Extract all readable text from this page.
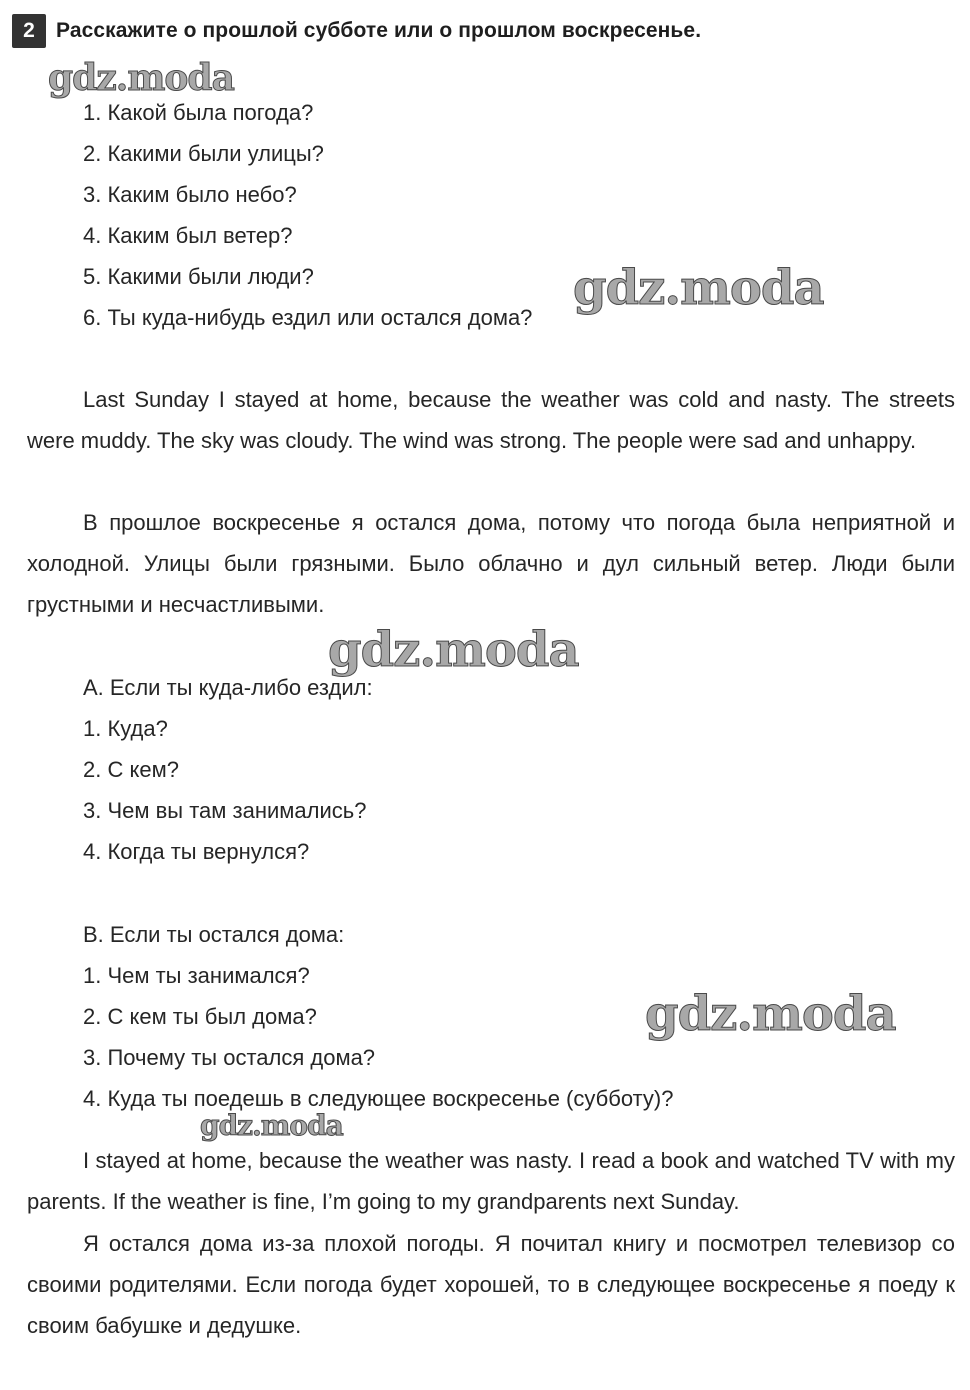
2	Расскажите о прошлой субботе или о прошлом воскресенье.
1. Какой была погода?
2. Какими были улицы?
3. Каким было небо?
4. Каким был ветер?
5. Какими были люди?
6. Ты куда-нибудь ездил или остался дома?

Last Sunday I stayed at home, because the weather was cold and nasty. The streets were muddy. The sky was cloudy. The wind was strong. The people were sad and unhappy.

В прошлое воскресенье я остался дома, потому что погода была неприятной и холодной. Улицы были грязными. Было облачно и дул сильный ветер. Люди были грустными и несчастливыми.

А. Если ты куда-либо ездил:
1. Куда?
2. С кем?
3. Чем вы там занимались?
4. Когда ты вернулся?
В. Если ты остался дома:
1. Чем ты занимался?
2. С кем ты был дома?
3. Почему ты остался дома?
4. Куда ты поедешь в следующее воскресенье (субботу)?

I stayed at home, because the weather was nasty. I read a book and watched TV with my parents. If the weather is fine, I’m going to my grandparents next Sunday.

Я остался дома из-за плохой погоды. Я почитал книгу и посмотрел телевизор со своими родителями. Если погода будет хорошей, то в следующее воскресенье я поеду к своим бабушке и дедушке.

gdz.moda
gdz.moda
gdz.moda
gdz.moda
gdz.moda
